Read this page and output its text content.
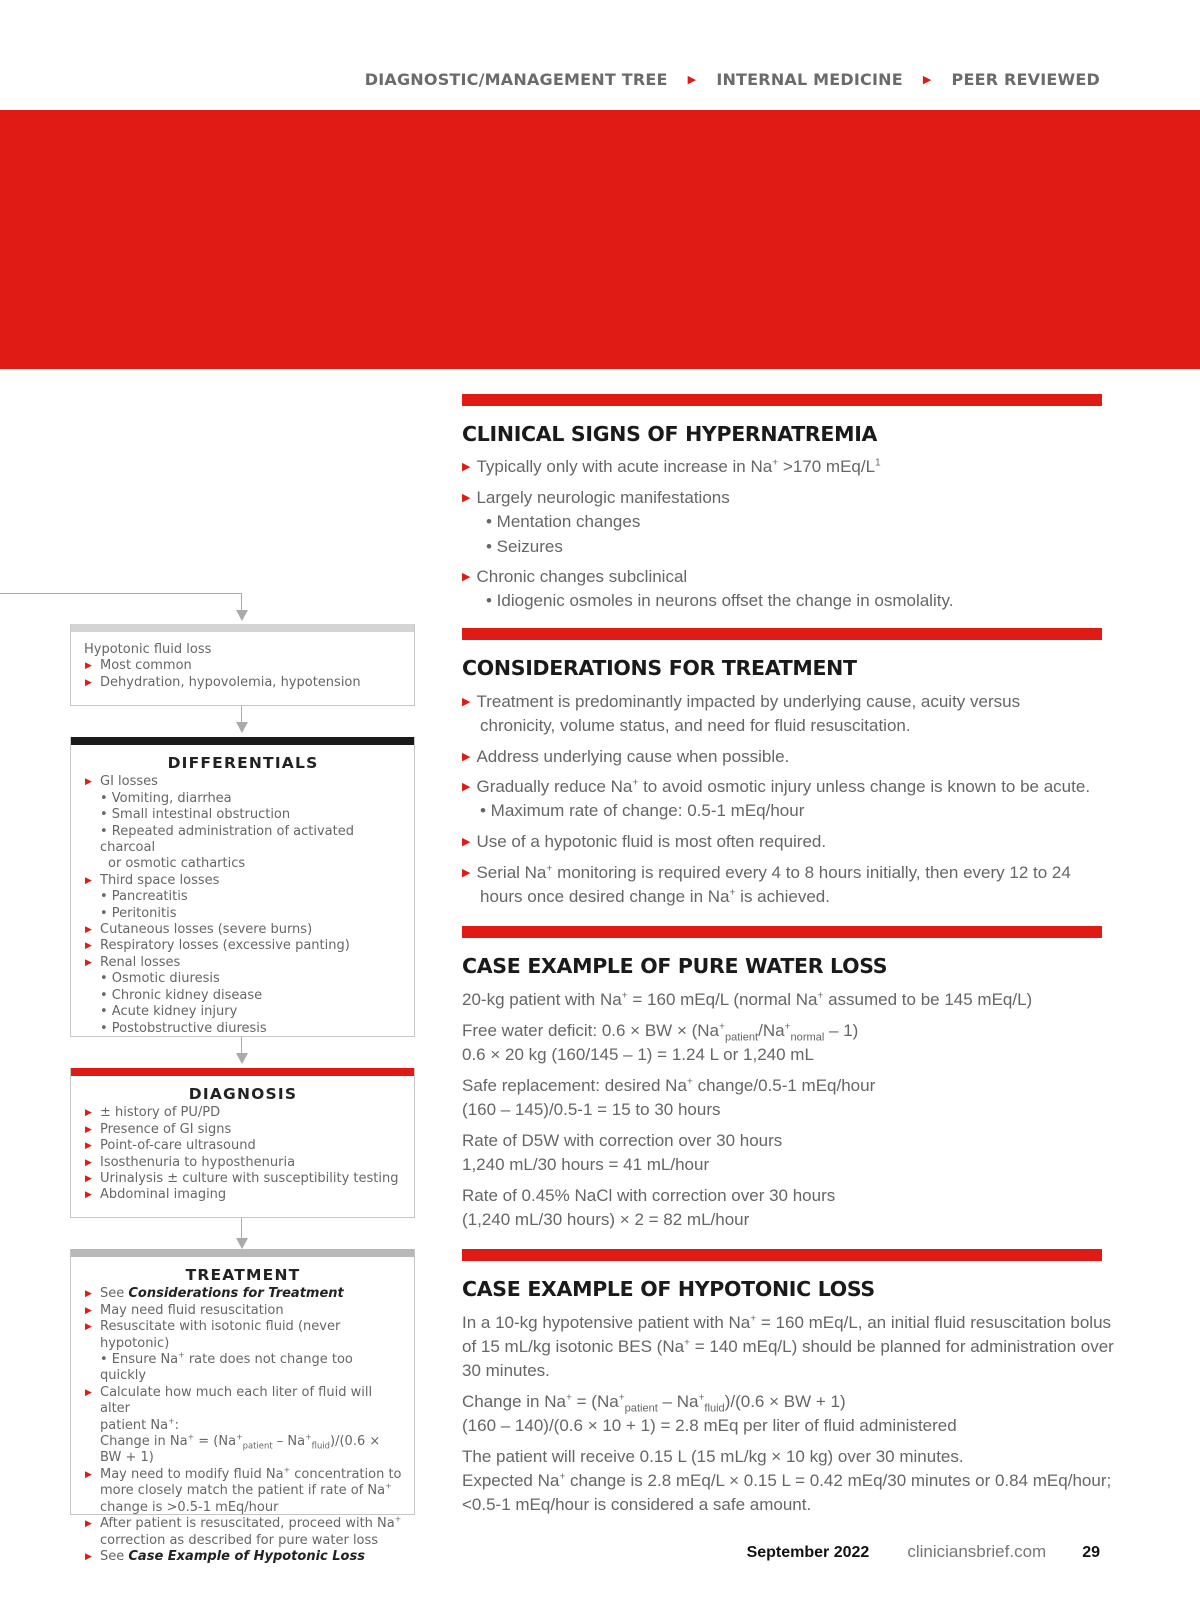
DIAGNOSTIC/MANAGEMENT TREE ▶ INTERNAL MEDICINE ▶ PEER REVIEWED
Hypotonic fluid loss
▶ Most common
▶ Dehydration, hypovolemia, hypotension
DIFFERENTIALS
▶ GI losses
• Vomiting, diarrhea
• Small intestinal obstruction
• Repeated administration of activated charcoal
or osmotic cathartics
▶ Third space losses
• Pancreatitis
• Peritonitis
▶ Cutaneous losses (severe burns)
▶ Respiratory losses (excessive panting)
▶ Renal losses
• Osmotic diuresis
• Chronic kidney disease
• Acute kidney injury
• Postobstructive diuresis
DIAGNOSIS
▶ ± history of PU/PD
▶ Presence of GI signs
▶ Point-of-care ultrasound
▶ Isosthenuria to hyposthenuria
▶ Urinalysis ± culture with susceptibility testing
▶ Abdominal imaging
TREATMENT
▶ See Considerations for Treatment
▶ May need fluid resuscitation
▶ Resuscitate with isotonic fluid (never hypotonic)
• Ensure Na+ rate does not change too quickly
▶ Calculate how much each liter of fluid will alter
patient Na+:
Change in $Na^+ = (Na^+_{patient} - Na^+_{fluid})/(0.6$ × BW + 1)
▶ May need to modify fluid Na+ concentration to
more closely match the patient if rate of Na+
change is >0.5-1 mEq/hour
▶ After patient is resuscitated, proceed with Na+
correction as described for pure water loss
▶ See Case Example of Hypotonic Loss
CLINICAL SIGNS OF HYPERNATREMIA
▶ Typically only with acute increase in Na+ >170 mEq/$L^1$
▶ Largely neurologic manifestations
• Mentation changes
• Seizures
▶ Chronic changes subclinical
• Idiogenic osmoles in neurons offset the change in osmolality.
CONSIDERATIONS FOR TREATMENT
▶ Treatment is predominantly impacted by underlying cause, acuity versus
chronicity, volume status, and need for fluid resuscitation.
▶ Address underlying cause when possible.
▶ Gradually reduce Na+ to avoid osmotic injury unless change is known to be acute.
• Maximum rate of change: 0.5-1 mEq/hour
▶ Use of a hypotonic fluid is most often required.
▶ Serial Na+ monitoring is required every 4 to 8 hours initially, then every 12 to 24
hours once desired change in Na+ is achieved.
CASE EXAMPLE OF PURE WATER LOSS
20-kg patient with Na+ = 160 mEq/L (normal Na+ assumed to be 145 mEq/L)
Free water deficit: 0.6 × BW × $(Na^+_{patient}/Na^+_{normal} - 1)$
0.6 × 20 kg (160/145 – 1) = 1.24 L or 1,240 mL
Safe replacement: desired Na+ change/0.5-1 mEq/hour
(160 – 145)/0.5-1 = 15 to 30 hours
Rate of D5W with correction over 30 hours
1,240 mL/30 hours = 41 mL/hour
Rate of 0.45% NaCl with correction over 30 hours
(1,240 mL/30 hours) × 2 = 82 mL/hour
CASE EXAMPLE OF HYPOTONIC LOSS
In a 10-kg hypotensive patient with Na+ = 160 mEq/L, an initial fluid resuscitation bolus
of 15 mL/kg isotonic BES (Na+ = 140 mEq/L) should be planned for administration over
30 minutes.
Change in $Na^+ = (Na^+_{patient} - Na^+_{fluid})/(0.6$ × BW + 1)
(160 – 140)/(0.6 × 10 + 1) = 2.8 mEq per liter of fluid administered
The patient will receive 0.15 L (15 mL/kg × 10 kg) over 30 minutes.
Expected Na+ change is 2.8 mEq/L × 0.15 L = 0.42 mEq/30 minutes or 0.84 mEq/hour;
<0.5-1 mEq/hour is considered a safe amount.
September 2022 cliniciansbrief.com 29
